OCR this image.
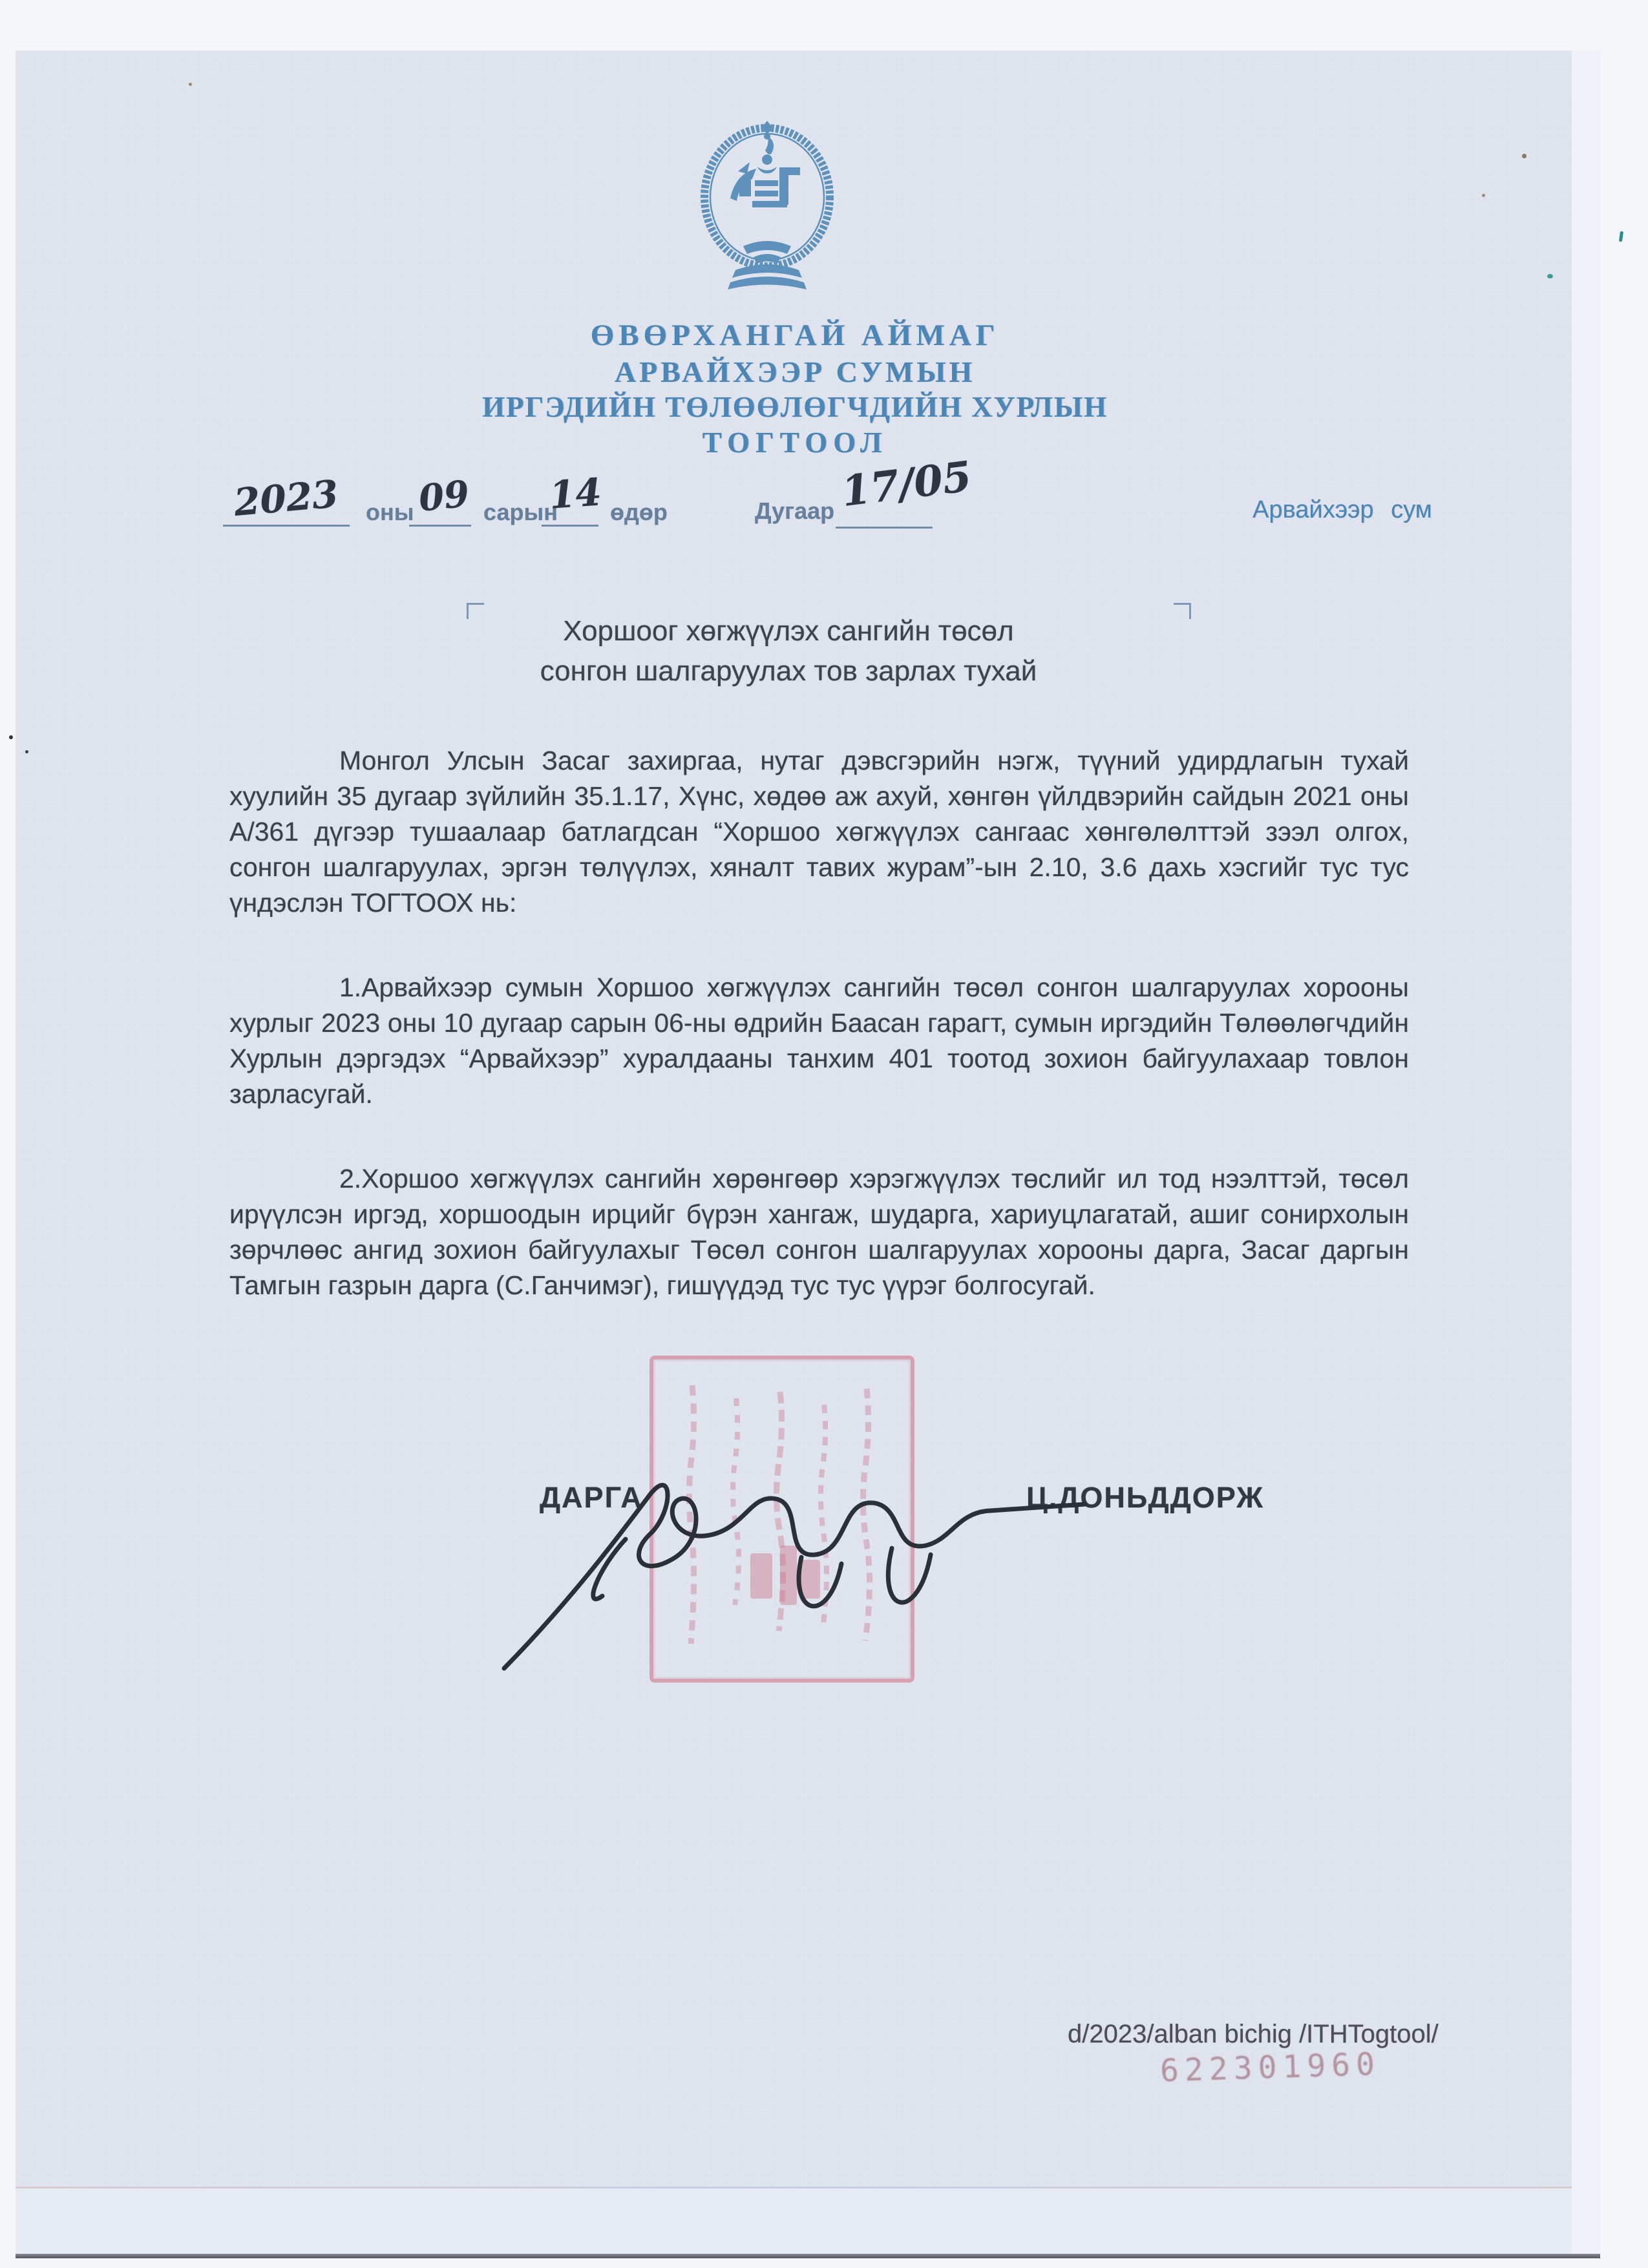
ӨВӨРХАНГАЙ АЙМАГ
АРВАЙХЭЭР СУМЫН
ИРГЭДИЙН ТӨЛӨӨЛӨГЧДИЙН ХУРЛЫН
ТОГТООЛ
2023 оны 09 сарын
14 өдөр	Дугаар 17/05	Арвайхээр сум
Хоршоог хөгжүүлэх сангийн төсөл
сонгон шалгаруулах тов зарлах тухай

Монгол Улсын Засаг захиргаа, нутаг дэвсгэрийн нэгж, түүний удирдлагын тухай хуулийн 35 дугаар зүйлийн 35.1.17, Хүнс, хөдөө аж ахуй, хөнгөн үйлдвэрийн сайдын 2021 оны А/361 дүгээр тушаалаар батлагдсан “Хоршоо хөгжүүлэх сангаас хөнгөлөлттэй зээл олгох, сонгон шалгаруулах, эргэн төлүүлэх, хяналт тавих журам”-ын 2.10, 3.6 дахь хэсгийг тус тус үндэслэн ТОГТООХ нь:

1.Арвайхээр сумын Хоршоо хөгжүүлэх сангийн төсөл сонгон шалгаруулах хорооны хурлыг 2023 оны 10 дугаар сарын 06-ны өдрийн Баасан гарагт, сумын иргэдийн Төлөөлөгчдийн Хурлын дэргэдэх “Арвайхээр” хуралдааны танхим 401 тоотод зохион байгуулахаар товлон зарласугай.

2.Хоршоо хөгжүүлэх сангийн хөрөнгөөр хэрэгжүүлэх төслийг ил тод нээлттэй, төсөл ирүүлсэн иргэд, хоршоодын ирцийг бүрэн хангаж, шударга, хариуцлагатай, ашиг сонирхолын зөрчлөөс ангид зохион байгуулахыг Төсөл сонгон шалгаруулах хорооны дарга, Засаг даргын Тамгын газрын дарга (С.Ганчимэг), гишүүдэд тус тус үүрэг болгосугай.

ДАРГА	Ц.ДОНЬДДОРЖ
d/2023/alban bichig /ITHTogtool/
622301960
